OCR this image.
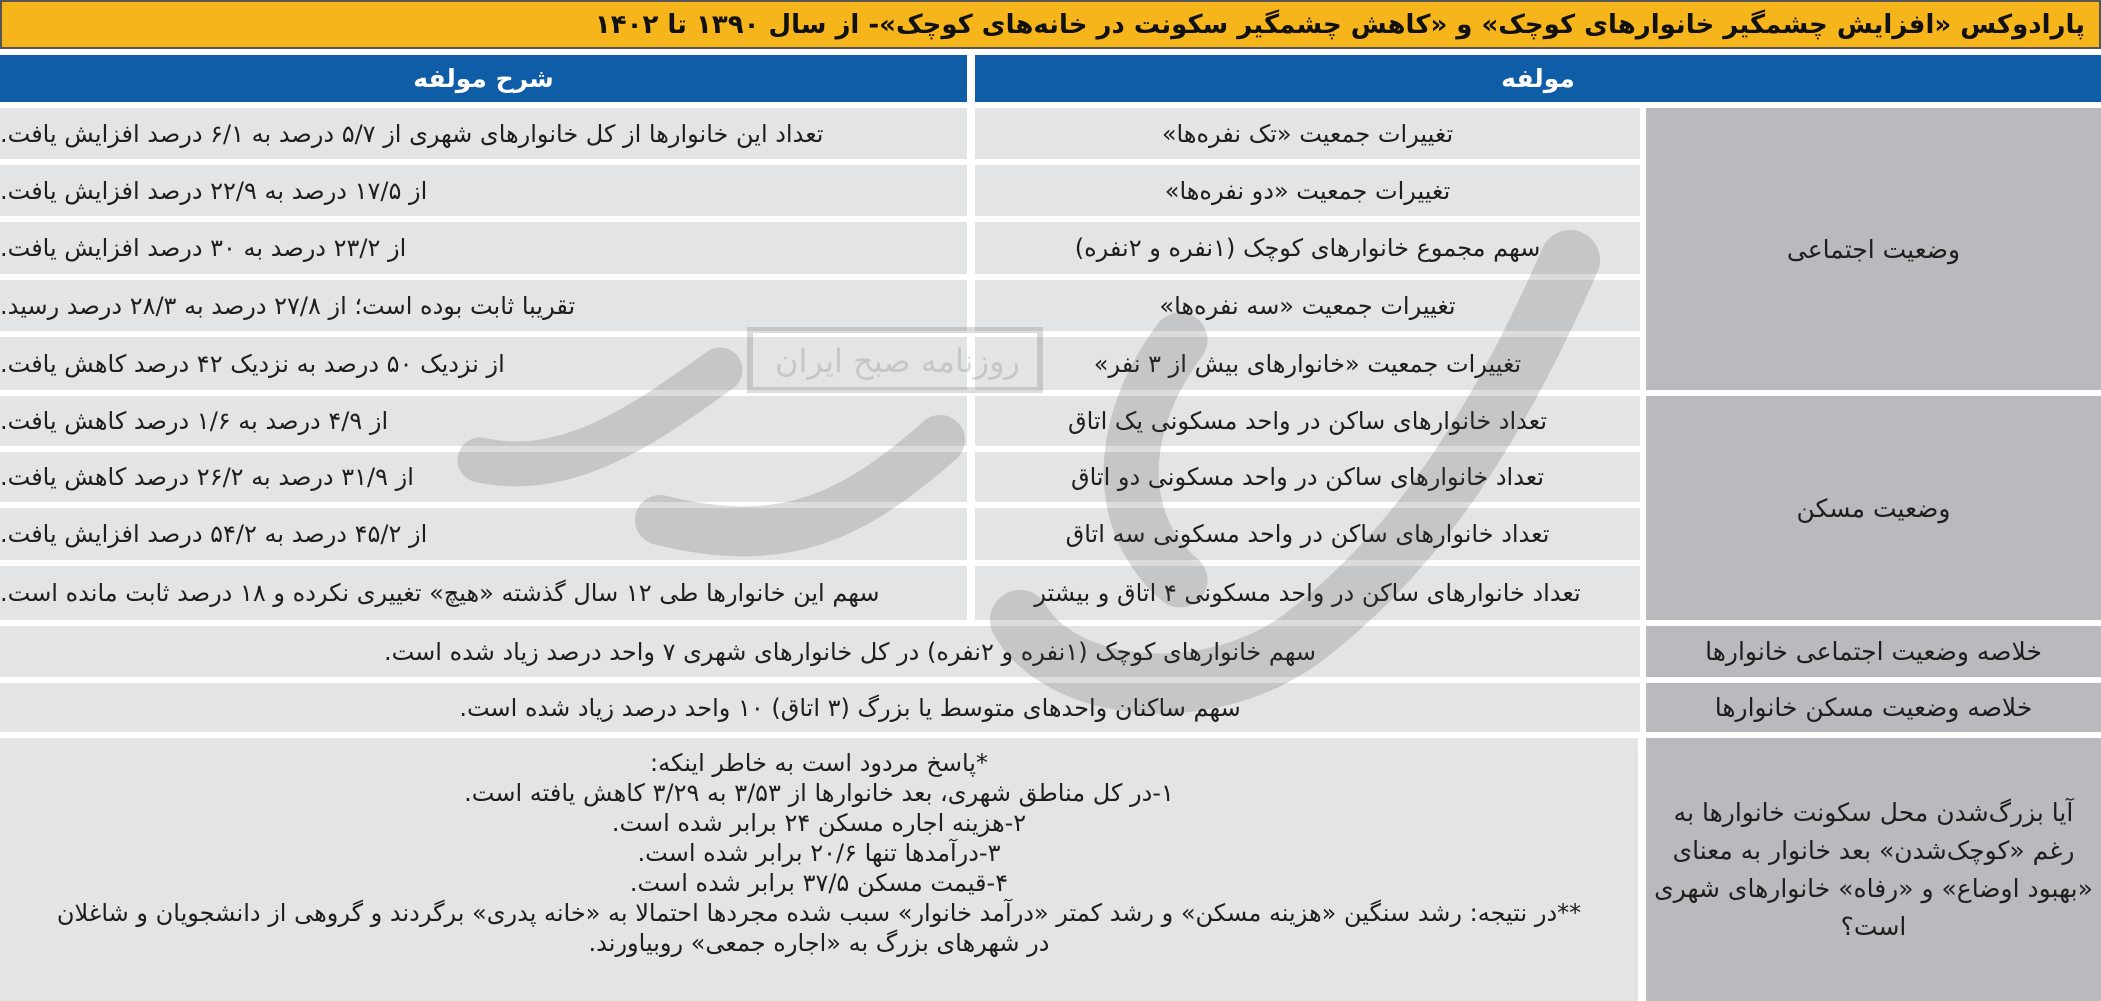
پارادوکس «افزایش چشمگیر خانوارهای کوچک» و «کاهش چشمگیر سکونت در خانه‌های کوچک»- از سال ۱۳۹۰ تا ۱۴۰۲
مولفه
شرح مولفه
وضعیت اجتماعی
وضعیت مسکن
خلاصه وضعیت اجتماعی خانوارها
خلاصه وضعیت مسکن خانوارها
آیا بزرگ‌شدن محل سکونت خانوارها به
رغم «کوچک‌شدن» بعد خانوار به معنای
«بهبود اوضاع» و «رفاه» خانوارهای شهری
است؟
تغییرات جمعیت «تک نفره‌ها»
تغییرات جمعیت «دو نفره‌ها»
سهم مجموع خانوارهای کوچک (۱نفره و ۲نفره)
تغییرات جمعیت «سه نفره‌ها»
تغییرات جمعیت «خانوارهای بیش از ۳ نفر»
تعداد خانوارهای ساکن در واحد مسکونی یک اتاق
تعداد خانوارهای ساکن در واحد مسکونی دو اتاق
تعداد خانوارهای ساکن در واحد مسکونی سه اتاق
تعداد خانوارهای ساکن در واحد مسکونی ۴ اتاق و بیشتر
تعداد این خانوارها از کل خانوارهای شهری از ۵/۷ درصد به ۶/۱ درصد افزایش یافت.
از ۱۷/۵ درصد به ۲۲/۹ درصد افزایش یافت.
از ۲۳/۲ درصد به ۳۰ درصد افزایش یافت.
تقریبا ثابت بوده است؛ از ۲۷/۸ درصد به ۲۸/۳ درصد رسید.
از نزدیک ۵۰ درصد به نزدیک ۴۲ درصد کاهش یافت.
از ۴/۹ درصد به ۱/۶ درصد کاهش یافت.
از ۳۱/۹ درصد به ۲۶/۲ درصد کاهش یافت.
از ۴۵/۲ درصد به ۵۴/۲ درصد افزایش یافت.
سهم این خانوارها طی ۱۲ سال گذشته «هیچ» تغییری نکرده و ۱۸ درصد ثابت مانده است.
سهم خانوارهای کوچک (۱نفره و ۲نفره) در کل خانوارهای شهری ۷ واحد درصد زیاد شده است.
سهم ساکنان واحدهای متوسط یا بزرگ (۳ اتاق) ۱۰ واحد درصد زیاد شده است.
*پاسخ مردود است به خاطر اینکه:
۱-در کل مناطق شهری، بعد خانوارها از ۳/۵۳ به ۳/۲۹ کاهش یافته است.
۲-هزینه اجاره مسکن ۲۴ برابر شده است.
۳-درآمدها تنها ۲۰/۶ برابر شده است.
۴-قیمت مسکن ۳۷/۵ برابر شده است.
**در نتیجه: رشد سنگین «هزینه مسکن» و رشد کمتر «درآمد خانوار» سبب شده مجردها احتمالا به «خانه پدری» برگردند و گروهی از دانشجویان و شاغلان
در شهرهای بزرگ به «اجاره جمعی» روبیاورند.
روزنامه
